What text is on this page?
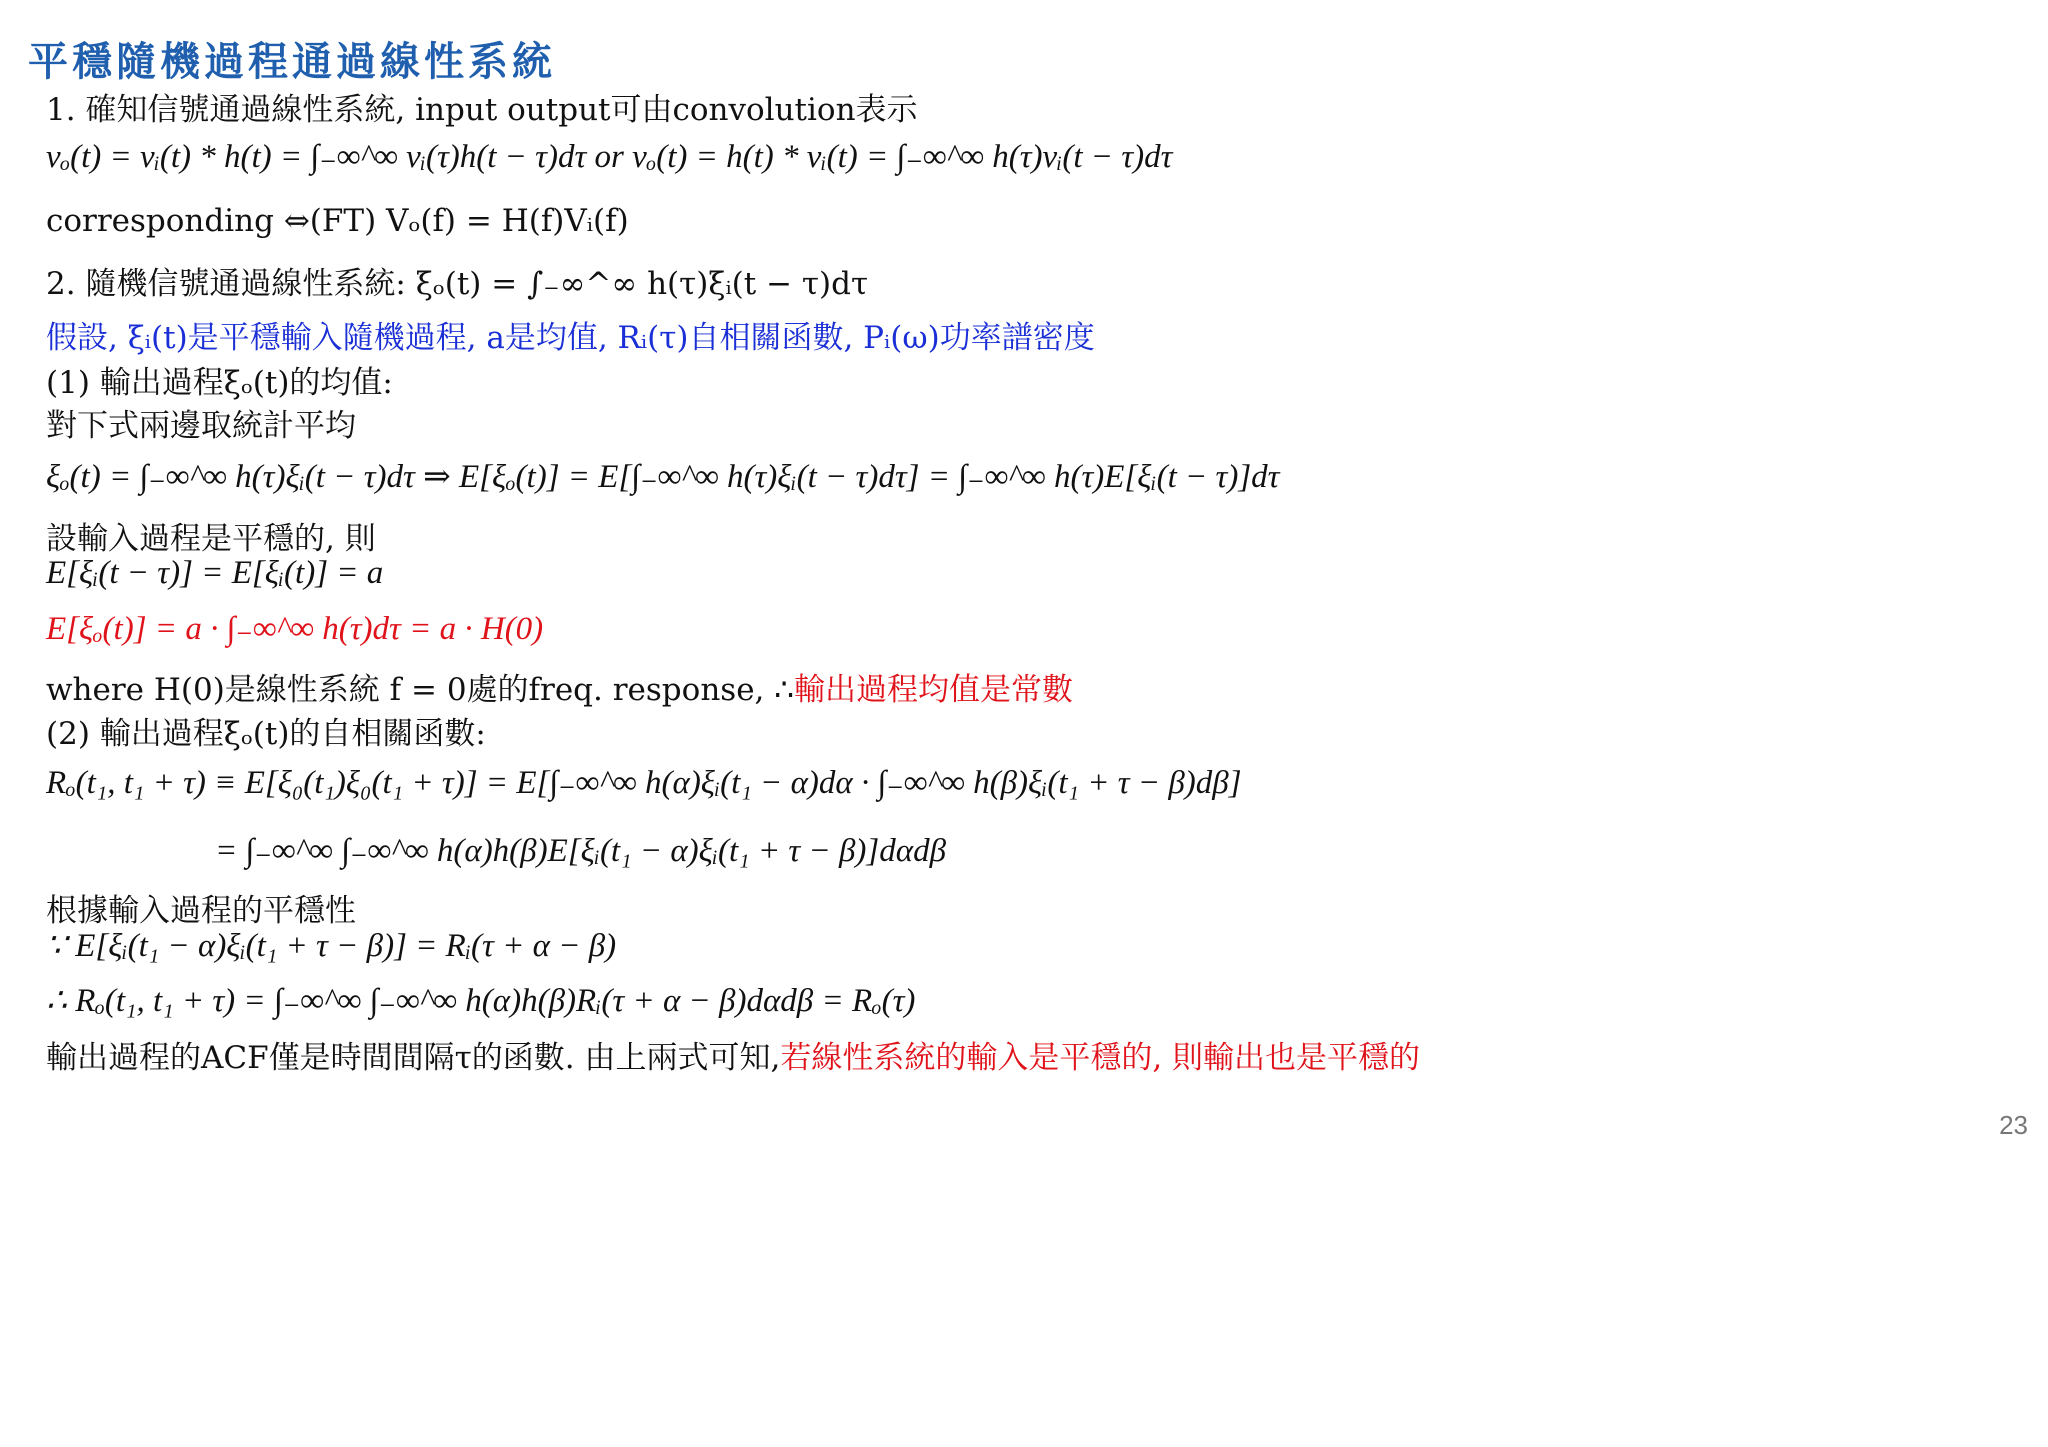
平穩隨機過程通過線性系統
1. 確知信號通過線性系統, input output可由convolution表示
vₒ(t) = vᵢ(t) * h(t) = ∫₋∞^∞ vᵢ(τ)h(t − τ)dτ or vₒ(t) = h(t) * vᵢ(t) = ∫₋∞^∞ h(τ)vᵢ(t − τ)dτ
corresponding ⇔(FT) Vₒ(f) = H(f)Vᵢ(f)
2. 隨機信號通過線性系統: ξₒ(t) = ∫₋∞^∞ h(τ)ξᵢ(t − τ)dτ
假設, ξᵢ(t)是平穩輸入隨機過程, a是均值, Rᵢ(τ)自相關函數, Pᵢ(ω)功率譜密度
(1) 輸出過程ξₒ(t)的均值:
對下式兩邊取統計平均
ξₒ(t) = ∫₋∞^∞ h(τ)ξᵢ(t − τ)dτ ⇒ E[ξₒ(t)] = E[∫₋∞^∞ h(τ)ξᵢ(t − τ)dτ] = ∫₋∞^∞ h(τ)E[ξᵢ(t − τ)]dτ
設輸入過程是平穩的, 則
E[ξᵢ(t − τ)] = E[ξᵢ(t)] = a
E[ξₒ(t)] = a · ∫₋∞^∞ h(τ)dτ = a · H(0)
where H(0)是線性系統 f = 0處的freq. response, ∴輸出過程均值是常數
(2) 輸出過程ξₒ(t)的自相關函數:
Rₒ(t₁, t₁ + τ) ≡ E[ξ₀(t₁)ξ₀(t₁ + τ)] = E[∫₋∞^∞ h(α)ξᵢ(t₁ − α)dα · ∫₋∞^∞ h(β)ξᵢ(t₁ + τ − β)dβ]
= ∫₋∞^∞ ∫₋∞^∞ h(α)h(β)E[ξᵢ(t₁ − α)ξᵢ(t₁ + τ − β)]dαdβ
根據輸入過程的平穩性
∵ E[ξᵢ(t₁ − α)ξᵢ(t₁ + τ − β)] = Rᵢ(τ + α − β)
∴ Rₒ(t₁, t₁ + τ) = ∫₋∞^∞ ∫₋∞^∞ h(α)h(β)Rᵢ(τ + α − β)dαdβ = Rₒ(τ)
輸出過程的ACF僅是時間間隔τ的函數. 由上兩式可知,若線性系統的輸入是平穩的, 則輸出也是平穩的
23
